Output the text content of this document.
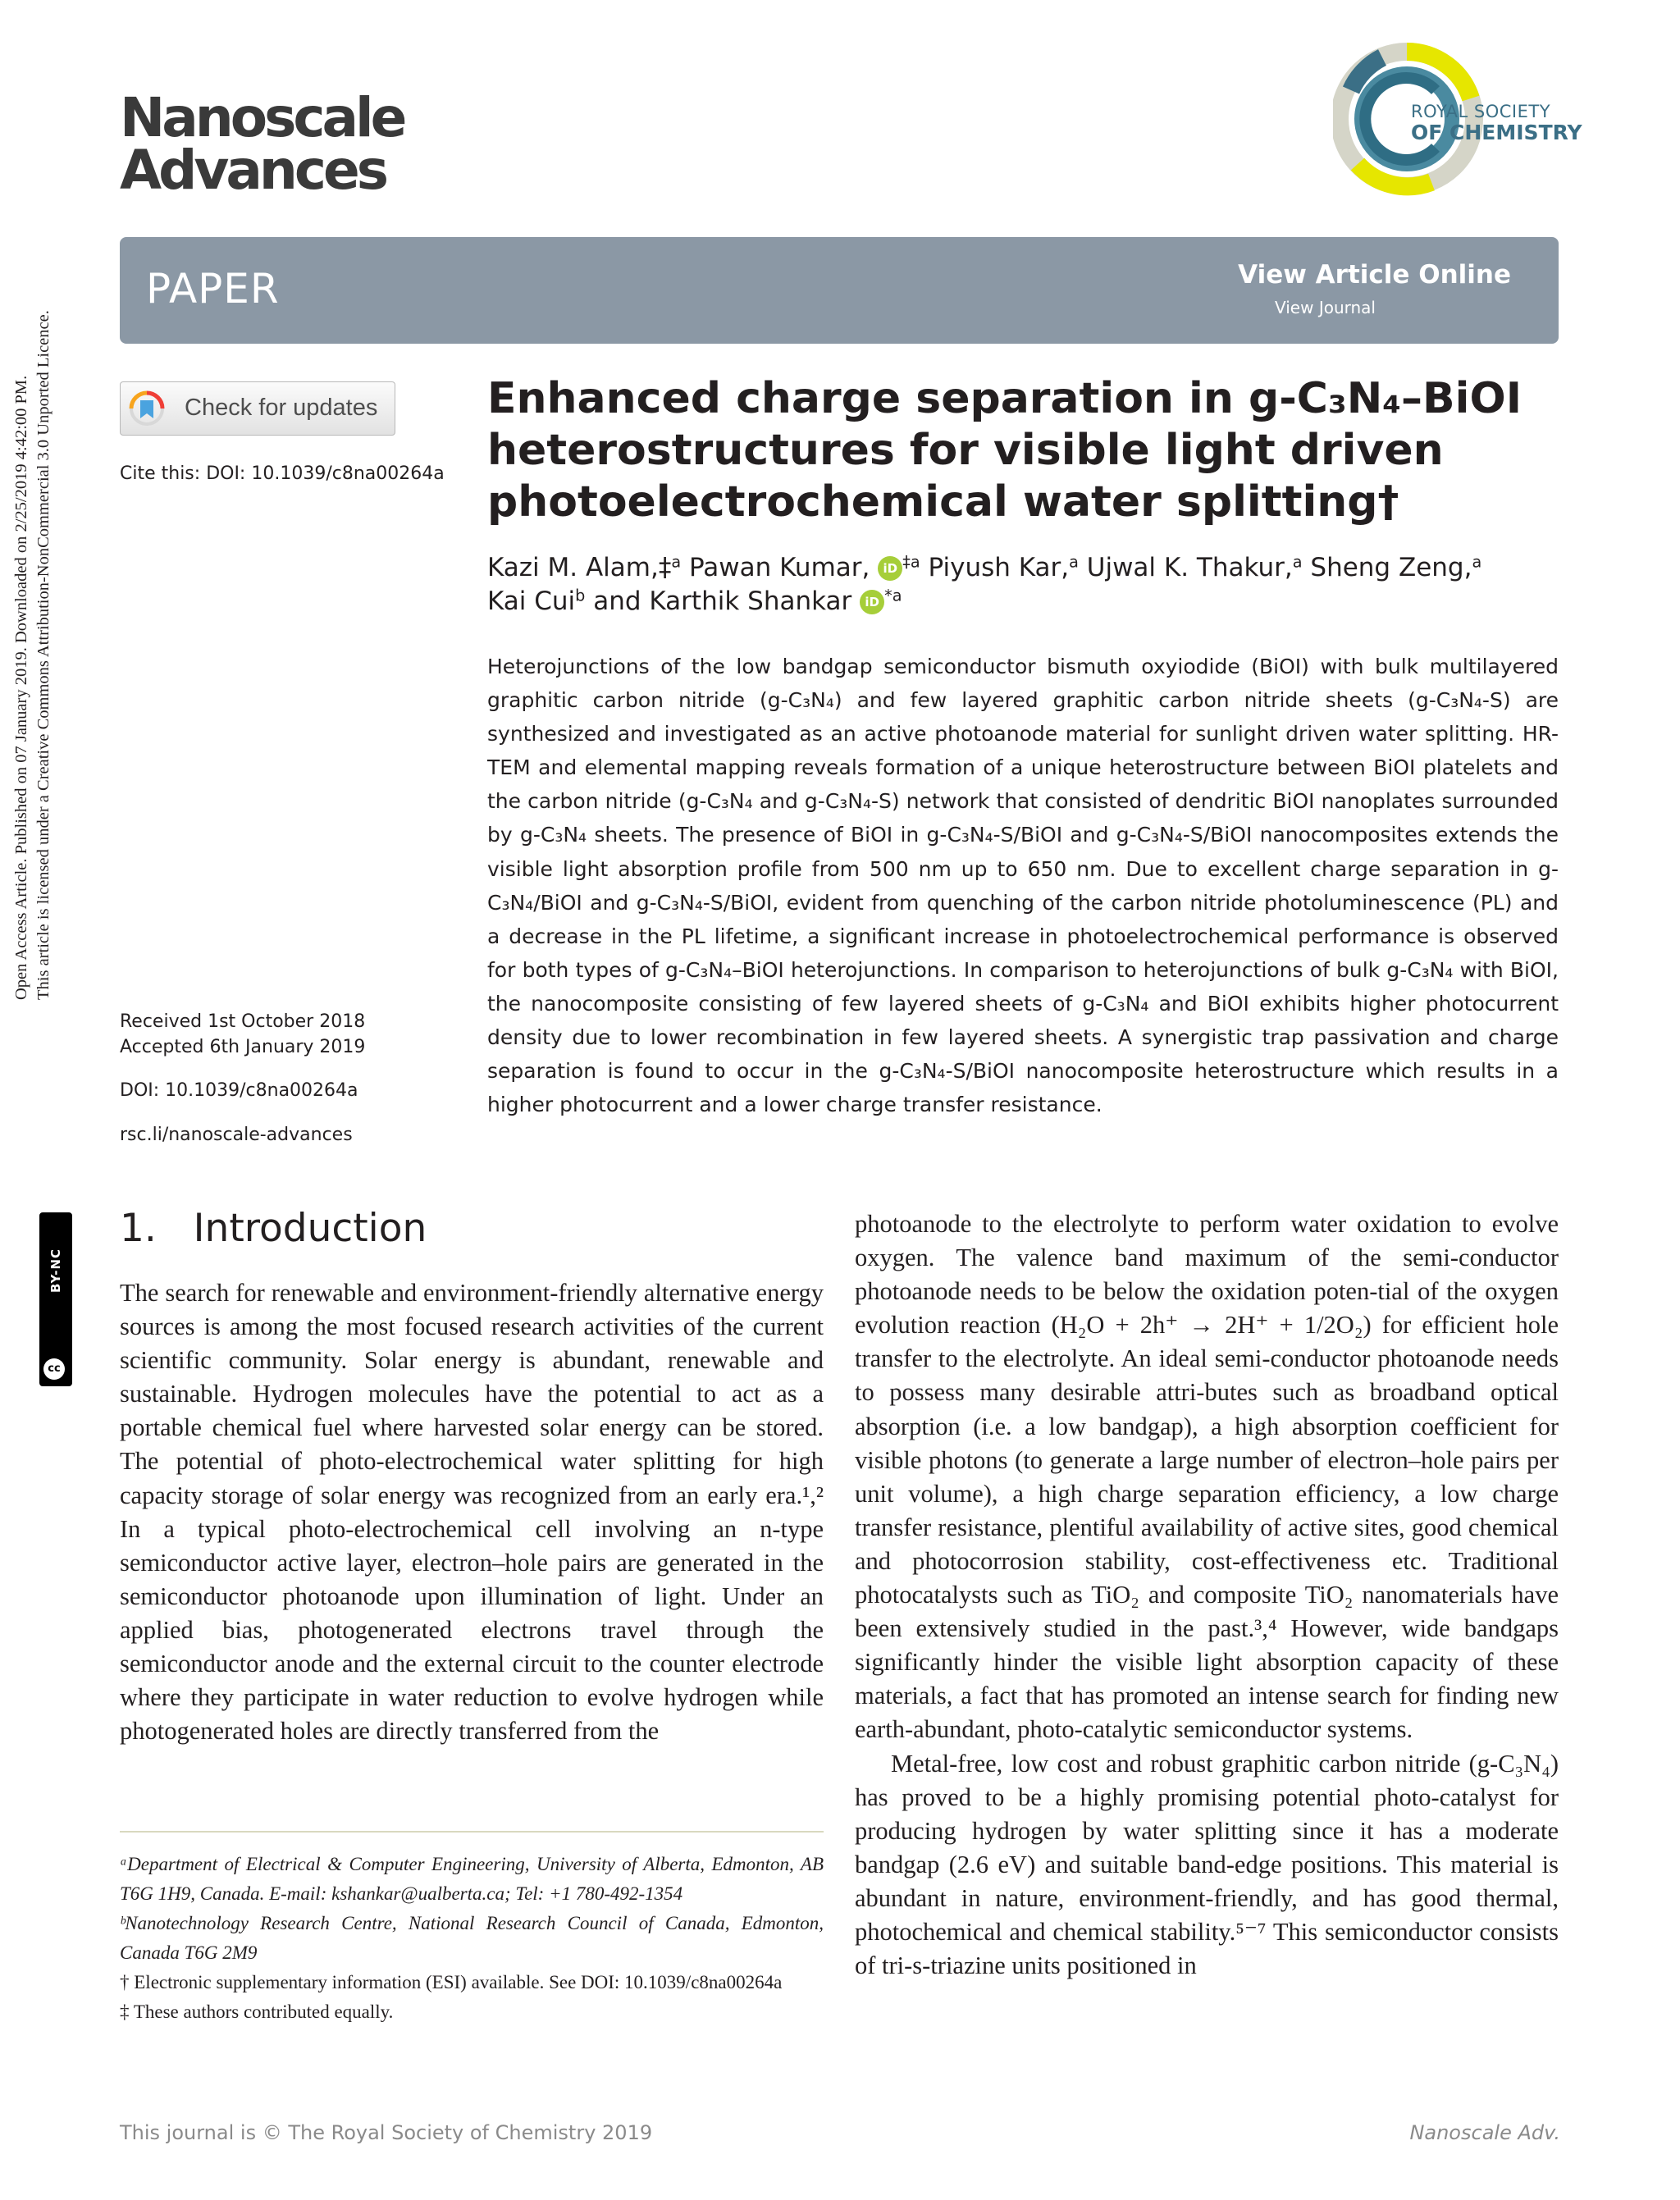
Nanoscale
Advances
ROYAL SOCIETY
OF CHEMISTRY
Open Access Article. Published on 07 January 2019. Downloaded on 2/25/2019 4:42:00 PM. This article is licensed under a Creative Commons Attribution-NonCommercial 3.0 Unported Licence.
BY-NC
cc
PAPER	View Article Online
View Journal
Check for updates
Cite this: DOI: 10.1039/c8na00264a
Received 1st October 2018
Accepted 6th January 2019
DOI: 10.1039/c8na00264a
rsc.li/nanoscale-advances
Enhanced charge separation in g-C₃N₄–BiOI heterostructures for visible light driven photoelectrochemical water splitting†
Kazi M. Alam,‡$^a$ Pawan Kumar, iD $^{\ddagger a}$ Piyush Kar,$^a$ Ujwal K. Thakur,$^a$ Sheng Zeng,$^a$
Kai Cui$^b$ and Karthik Shankar iD $^{*a}$
Heterojunctions of the low bandgap semiconductor bismuth oxyiodide (BiOI) with bulk multilayered graphitic carbon nitride (g-C₃N₄) and few layered graphitic carbon nitride sheets (g-C₃N₄-S) are synthesized and investigated as an active photoanode material for sunlight driven water splitting. HR-TEM and elemental mapping reveals formation of a unique heterostructure between BiOI platelets and the carbon nitride (g-C₃N₄ and g-C₃N₄-S) network that consisted of dendritic BiOI nanoplates surrounded by g-C₃N₄ sheets. The presence of BiOI in g-C₃N₄-S/BiOI and g-C₃N₄-S/BiOI nanocomposites extends the visible light absorption profile from 500 nm up to 650 nm. Due to excellent charge separation in g-C₃N₄/BiOI and g-C₃N₄-S/BiOI, evident from quenching of the carbon nitride photoluminescence (PL) and a decrease in the PL lifetime, a significant increase in photoelectrochemical performance is observed for both types of g-C₃N₄–BiOI heterojunctions. In comparison to heterojunctions of bulk g-C₃N₄ with BiOI, the nanocomposite consisting of few layered sheets of g-C₃N₄ and BiOI exhibits higher photocurrent density due to lower recombination in few layered sheets. A synergistic trap passivation and charge separation is found to occur in the g-C₃N₄-S/BiOI nanocomposite heterostructure which results in a higher photocurrent and a lower charge transfer resistance.
1. Introduction

The search for renewable and environment-friendly alternative energy sources is among the most focused research activities of the current scientific community. Solar energy is abundant, renewable and sustainable. Hydrogen molecules have the potential to act as a portable chemical fuel where harvested solar energy can be stored. The potential of photo-electrochemical water splitting for high capacity storage of solar energy was recognized from an early era.¹,² In a typical photo-electrochemical cell involving an n-type semiconductor active layer, electron–hole pairs are generated in the semiconductor photoanode upon illumination of light. Under an applied bias, photogenerated electrons travel through the semiconductor anode and the external circuit to the counter electrode where they participate in water reduction to evolve hydrogen while photogenerated holes are directly transferred from the

photoanode to the electrolyte to perform water oxidation to evolve oxygen. The valence band maximum of the semi-conductor photoanode needs to be below the oxidation poten-tial of the oxygen evolution reaction (H₂O + 2h⁺ → 2H⁺ + 1/2O₂) for efficient hole transfer to the electrolyte. An ideal semi-conductor photoanode needs to possess many desirable attri-butes such as broadband optical absorption (i.e. a low bandgap), a high absorption coefficient for visible photons (to generate a large number of electron–hole pairs per unit volume), a high charge separation efficiency, a low charge transfer resistance, plentiful availability of active sites, good chemical and photocorrosion stability, cost-effectiveness etc. Traditional photocatalysts such as TiO₂ and composite TiO₂ nanomaterials have been extensively studied in the past.³,⁴ However, wide bandgaps significantly hinder the visible light absorption capacity of these materials, a fact that has promoted an intense search for finding new earth-abundant, photo-catalytic semiconductor systems.

Metal-free, low cost and robust graphitic carbon nitride (g-C₃N₄) has proved to be a highly promising potential photo-catalyst for producing hydrogen by water splitting since it has a moderate bandgap (2.6 eV) and suitable band-edge positions. This material is abundant in nature, environment-friendly, and has good thermal, photochemical and chemical stability.⁵⁻⁷ This semiconductor consists of tri-s-triazine units positioned in

ᵃDepartment of Electrical & Computer Engineering, University of Alberta, Edmonton, AB T6G 1H9, Canada. E-mail: kshankar@ualberta.ca; Tel: +1 780-492-1354

ᵇNanotechnology Research Centre, National Research Council of Canada, Edmonton, Canada T6G 2M9

† Electronic supplementary information (ESI) available. See DOI: 10.1039/c8na00264a

‡ These authors contributed equally.

This journal is © The Royal Society of Chemistry 2019	Nanoscale Adv.
